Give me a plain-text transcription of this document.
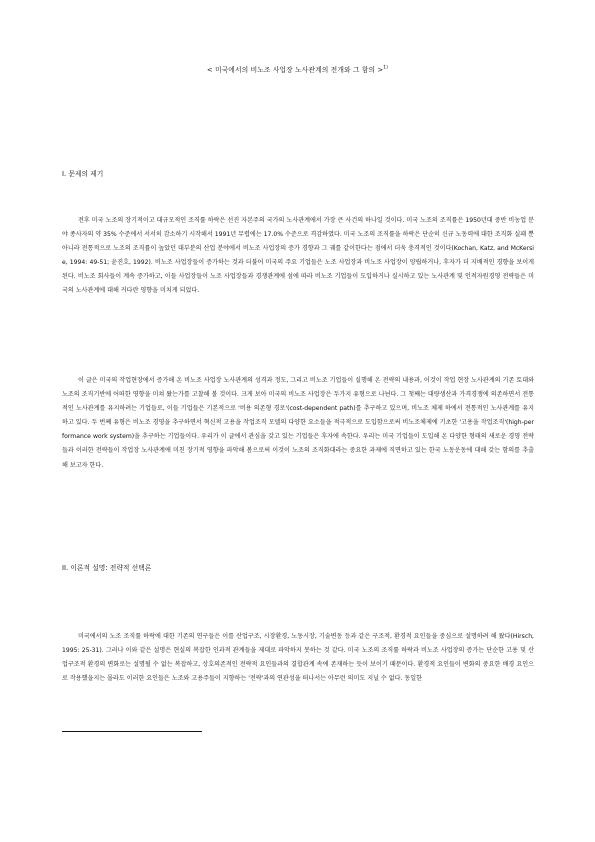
< 미국에서의 비노조 사업장 노사관계의 전개와 그 함의 >$^{1)}$
I. 문제의 제기

전후 미국 노조의 장기적이고 대규모적인 조직률 하락은 선진 자본주의 국가의 노사관계에서 가장 큰 사건의 하나일 것이다. 미국 노조의 조직률은 1950년대 중반 비농업 분야 종사자의 약 35% 수준에서 서서히 감소하기 시작해서 1991년 무렵에는 17.0% 수준으로 격감하였다. 미국 노조의 조직률을 하락은 단순히 신규 노동력에 대한 조직화 실패 뿐 아니라 전통적으로 노조의 조직률이 높았던 대부분의 산업 분야에서 비노조 사업장의 증가 경향과 그 궤를 같이한다는 점에서 더욱 충격적인 것이다(Kochan, Katz, and McKersie, 1994: 49-51; 윤진호, 1992). 비노조 사업장들이 증가하는 것과 더불어 미국의 주요 기업들은 노조 사업장과 비노조 사업장이 양립하거나, 후자가 더 지배적인 경향을 보이게 된다. 비노조 회사들이 계속 증가하고, 이들 사업장들이 노조 사업장들과 경쟁관계에 섬에 따라 비노조 기업들이 도입하거나 실시하고 있는 노사관계 및 인적자원경영 전략들은 미국의 노사관계에 대해 커다란 영향을 미치게 되었다.

이 글은 미국의 작업현장에서 증가해 온 비노조 사업장 노사관계의 성격과 정도, 그리고 비노조 기업들이 실행해 온 전략의 내용과, 이것이 작업 현장 노사관계의 기존 토대와 노조의 조직기반에 어떠한 영향을 미쳐 왔는가를 고찰해 볼 것이다. 크게 보아 미국의 비노조 사업장은 두가지 유형으로 나뉜다. 그 첫째는 대량생산과 가격경쟁에 의존하면서 전통적인 노사관계를 유지하려는 기업들로, 이들 기업들은 기본적으로 '비용 의존형 경로'(cost-dependent path)를 추구하고 있으며, 비노조 체제 하에서 전통적인 노사관계를 유지하고 있다. 두 번째 유형은 비노조 경영을 추구하면서 혁신적 고용을 작업조직 모델의 다양한 요소들을 적극적으로 도입함으로써 비노조체제에 기초한 '고용을 작업조직'(high-performance work system)을 추구하는 기업들이다. 우리가 이 글에서 관심을 갖고 있는 기업들은 후자에 속한다. 우리는 미국 기업들이 도입해 온 다양한 형태의 새로운 경영 전략들과 이러한 전략들이 작업장 노사관계에 미친 장기적 영향을 파악해 봄으로써 이것이 노조의 조직화대라는 중요한 과제에 직면하고 있는 한국 노동운동에 대해 갖는 함의를 추출해 보고자 한다.

II. 이론적 설명: 전략적 선택론

미국에서의 노조 조직률 하락에 대한 기존의 연구들은 이를 산업구조, 시장환경, 노동시장, 기술변동 등과 같은 구조적, 환경적 요인들을 중심으로 설명하려 해 왔다(Hirsch, 1995: 25-31). 그러나 이와 같은 설명은 현실의 복잡한 인과적 관계들을 제대로 파악하지 못하는 것 같다. 미국 노조의 조직률 하락과 비노조 사업장의 증가는 단순한 고용 및 산업구조적 환경의 변화로는 설명될 수 없는 복잡하고, 상호의존적인 전략적 요인들과의 결합관계 속에 존재하는 듯이 보이기 때문이다. 환경적 요인들이 변화의 중요한 배경 요인으로 작용했을지는 몰라도 이러한 요인들은 노조와 고용주들이 지향하는 '전략'과의 연관성을 떠나서는 아무런 의미도 지닐 수 없다. 동일한
